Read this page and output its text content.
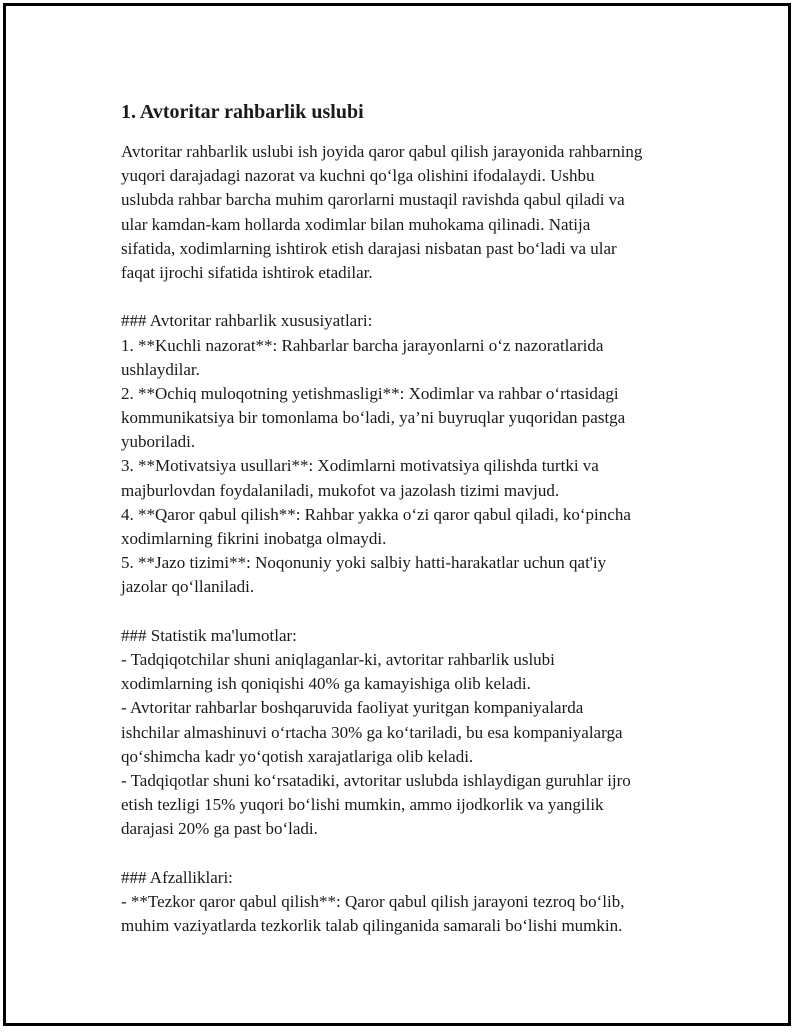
1. Avtoritar rahbarlik uslubi
Avtoritar rahbarlik uslubi ish joyida qaror qabul qilish jarayonida rahbarning
yuqori darajadagi nazorat va kuchni qo‘lga olishini ifodalaydi. Ushbu
uslubda rahbar barcha muhim qarorlarni mustaqil ravishda qabul qiladi va
ular kamdan-kam hollarda xodimlar bilan muhokama qilinadi. Natija
sifatida, xodimlarning ishtirok etish darajasi nisbatan past bo‘ladi va ular
faqat ijrochi sifatida ishtirok etadilar.
### Avtoritar rahbarlik xususiyatlari:
1. **Kuchli nazorat**: Rahbarlar barcha jarayonlarni o‘z nazoratlarida
ushlaydilar.
2. **Ochiq muloqotning yetishmasligi**: Xodimlar va rahbar o‘rtasidagi
kommunikatsiya bir tomonlama bo‘ladi, ya’ni buyruqlar yuqoridan pastga
yuboriladi.
3. **Motivatsiya usullari**: Xodimlarni motivatsiya qilishda turtki va
majburlovdan foydalaniladi, mukofot va jazolash tizimi mavjud.
4. **Qaror qabul qilish**: Rahbar yakka o‘zi qaror qabul qiladi, ko‘pincha
xodimlarning fikrini inobatga olmaydi.
5. **Jazo tizimi**: Noqonuniy yoki salbiy hatti-harakatlar uchun qat'iy
jazolar qo‘llaniladi.
### Statistik ma'lumotlar:
- Tadqiqotchilar shuni aniqlaganlar-ki, avtoritar rahbarlik uslubi
xodimlarning ish qoniqishi 40% ga kamayishiga olib keladi.
- Avtoritar rahbarlar boshqaruvida faoliyat yuritgan kompaniyalarda
ishchilar almashinuvi o‘rtacha 30% ga ko‘tariladi, bu esa kompaniyalarga
qo‘shimcha kadr yo‘qotish xarajatlariga olib keladi.
- Tadqiqotlar shuni ko‘rsatadiki, avtoritar uslubda ishlaydigan guruhlar ijro
etish tezligi 15% yuqori bo‘lishi mumkin, ammo ijodkorlik va yangilik
darajasi 20% ga past bo‘ladi.
### Afzalliklari:
- **Tezkor qaror qabul qilish**: Qaror qabul qilish jarayoni tezroq bo‘lib,
muhim vaziyatlarda tezkorlik talab qilinganida samarali bo‘lishi mumkin.
